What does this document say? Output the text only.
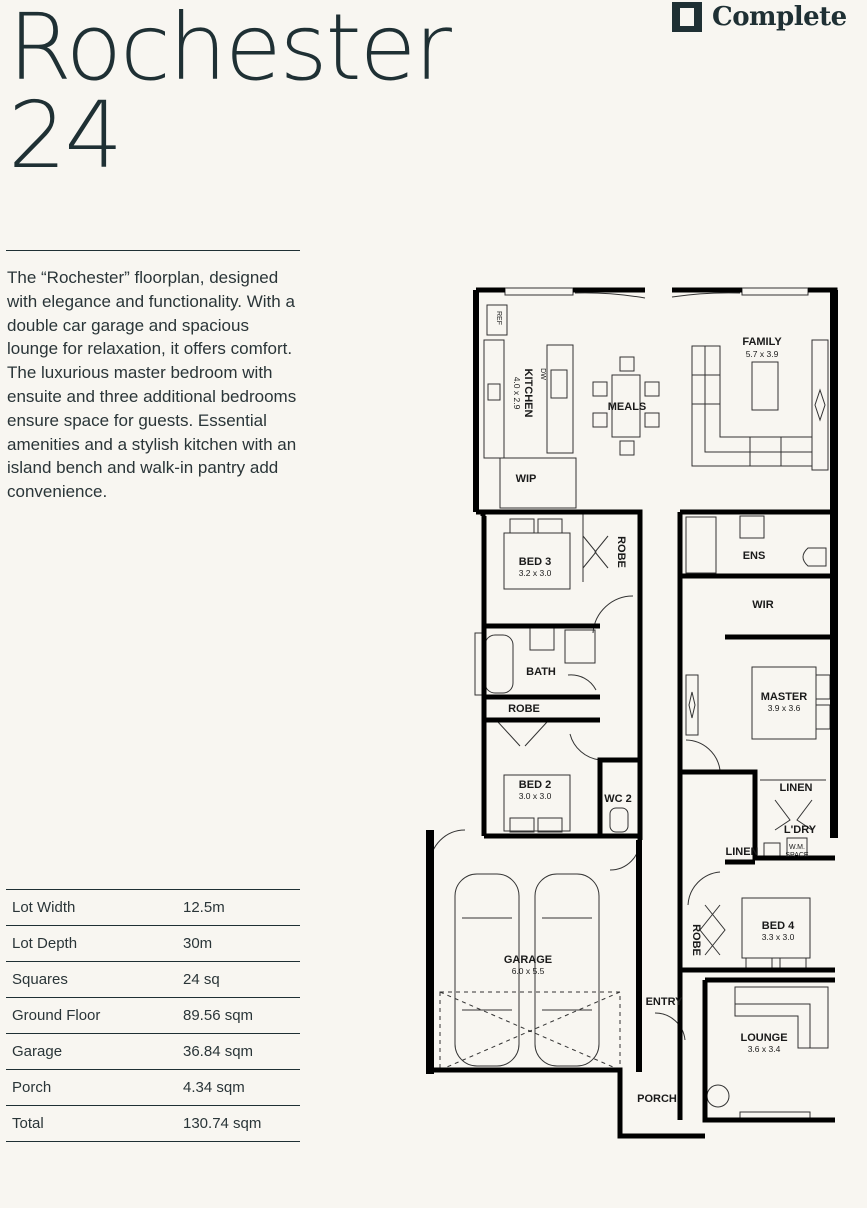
Rochester
24
Complete

The “Rochester” floorplan, designed with elegance and functionality. With a double car garage and spacious lounge for relaxation, it offers comfort. The luxurious master bedroom with ensuite and three additional bedrooms ensure space for guests. Essential amenities and a stylish kitchen with an island bench and walk-in pantry add convenience.

Lot Width	12.5m
Lot Depth	30m
Squares	24 sq
Ground Floor	89.56 sqm
Garage	36.84 sqm
Porch	4.34 sqm
Total	130.74 sqm
FAMILY
5.7 x 3.9
KITCHEN
4.0 x 2.9
DW
REF
MEALS
WIP
BED 3
3.2 x 3.0
ROBE	ENS
WIR
BATH
ROBE
MASTER
3.9 x 3.6
BED 2
3.0 x 3.0	WC 2
LINEN
L'DRY
LINEN	W.M.
SPACE
GARAGE
6.0 x 5.5
BED 4
3.3 x 3.0
ROBE
ENTRY
LOUNGE
3.6 x 3.4
PORCH
